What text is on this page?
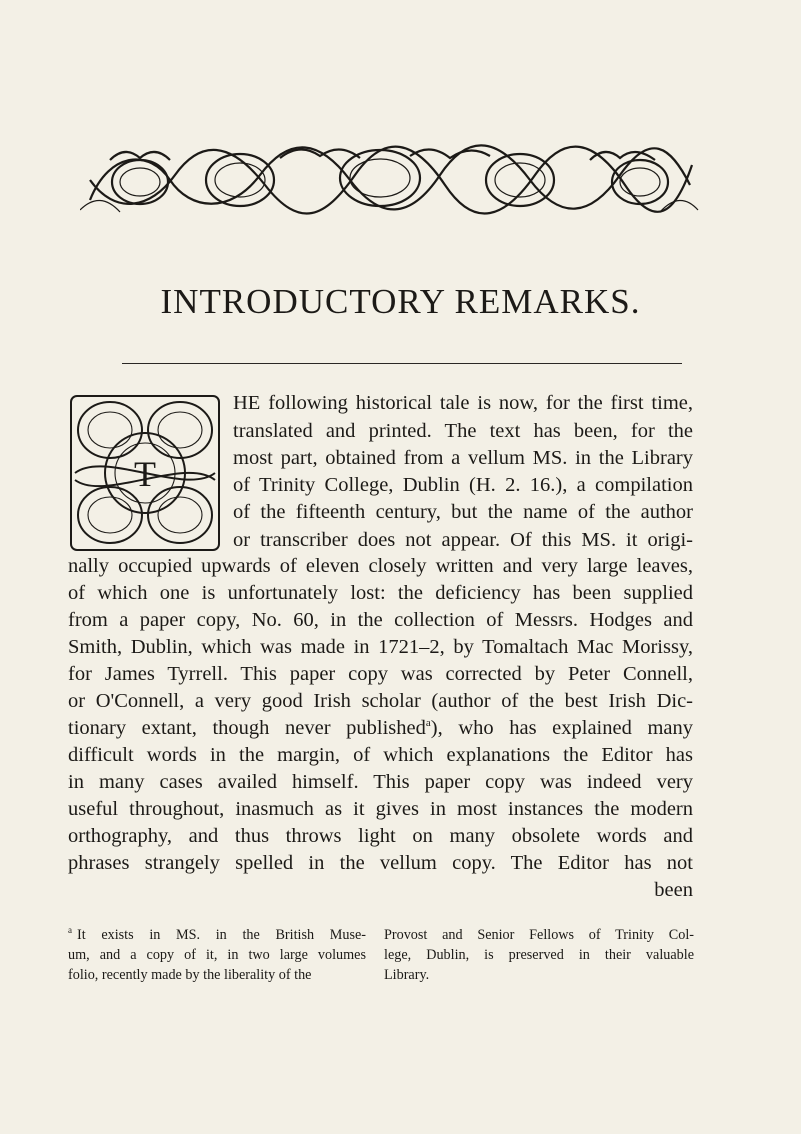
INTRODUCTORY REMARKS.
T
HE following historical tale is now, for the first time,
translated and printed. The text has been, for the
most part, obtained from a vellum MS. in the Library
of Trinity College, Dublin (H. 2. 16.), a compilation
of the fifteenth century, but the name of the author
or transcriber does not appear. Of this MS. it origi-
nally occupied upwards of eleven closely written and very large leaves,
of which one is unfortunately lost: the deficiency has been supplied
from a paper copy, No. 60, in the collection of Messrs. Hodges and
Smith, Dublin, which was made in 1721–2, by Tomaltach Mac Morissy,
for James Tyrrell. This paper copy was corrected by Peter Connell,
or O'Connell, a very good Irish scholar (author of the best Irish Dic-
tionary extant, though never published$^a$), who has explained many
difficult words in the margin, of which explanations the Editor has
in many cases availed himself. This paper copy was indeed very
useful throughout, inasmuch as it gives in most instances the modern
orthography, and thus throws light on many obsolete words and
phrases strangely spelled in the vellum copy. The Editor has not
been
$^a$ It exists in MS. in the British Muse-
um, and a copy of it, in two large volumes
folio, recently made by the liberality of the
Provost and Senior Fellows of Trinity Col-
lege, Dublin, is preserved in their valuable
Library.
